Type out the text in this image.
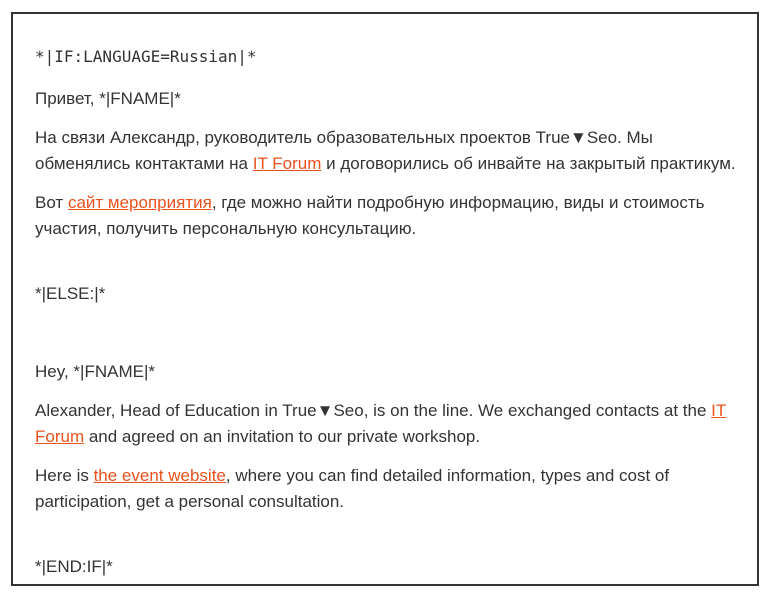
*|IF:LANGUAGE=Russian|*

Привет, *|FNAME|*

На связи Александр, руководитель образовательных проектов True▼Seo. Мы обменялись контактами на IT Forum и договорились об инвайте на закрытый практикум.

Вот сайт мероприятия, где можно найти подробную информацию, виды и стоимость участия, получить персональную консультацию.

*|ELSE:|*

Hey, *|FNAME|*

Alexander, Head of Education in True▼Seo, is on the line. We exchanged contacts at the IT Forum and agreed on an invitation to our private workshop.

Here is the event website, where you can find detailed information, types and cost of participation, get a personal consultation.

*|END:IF|*
